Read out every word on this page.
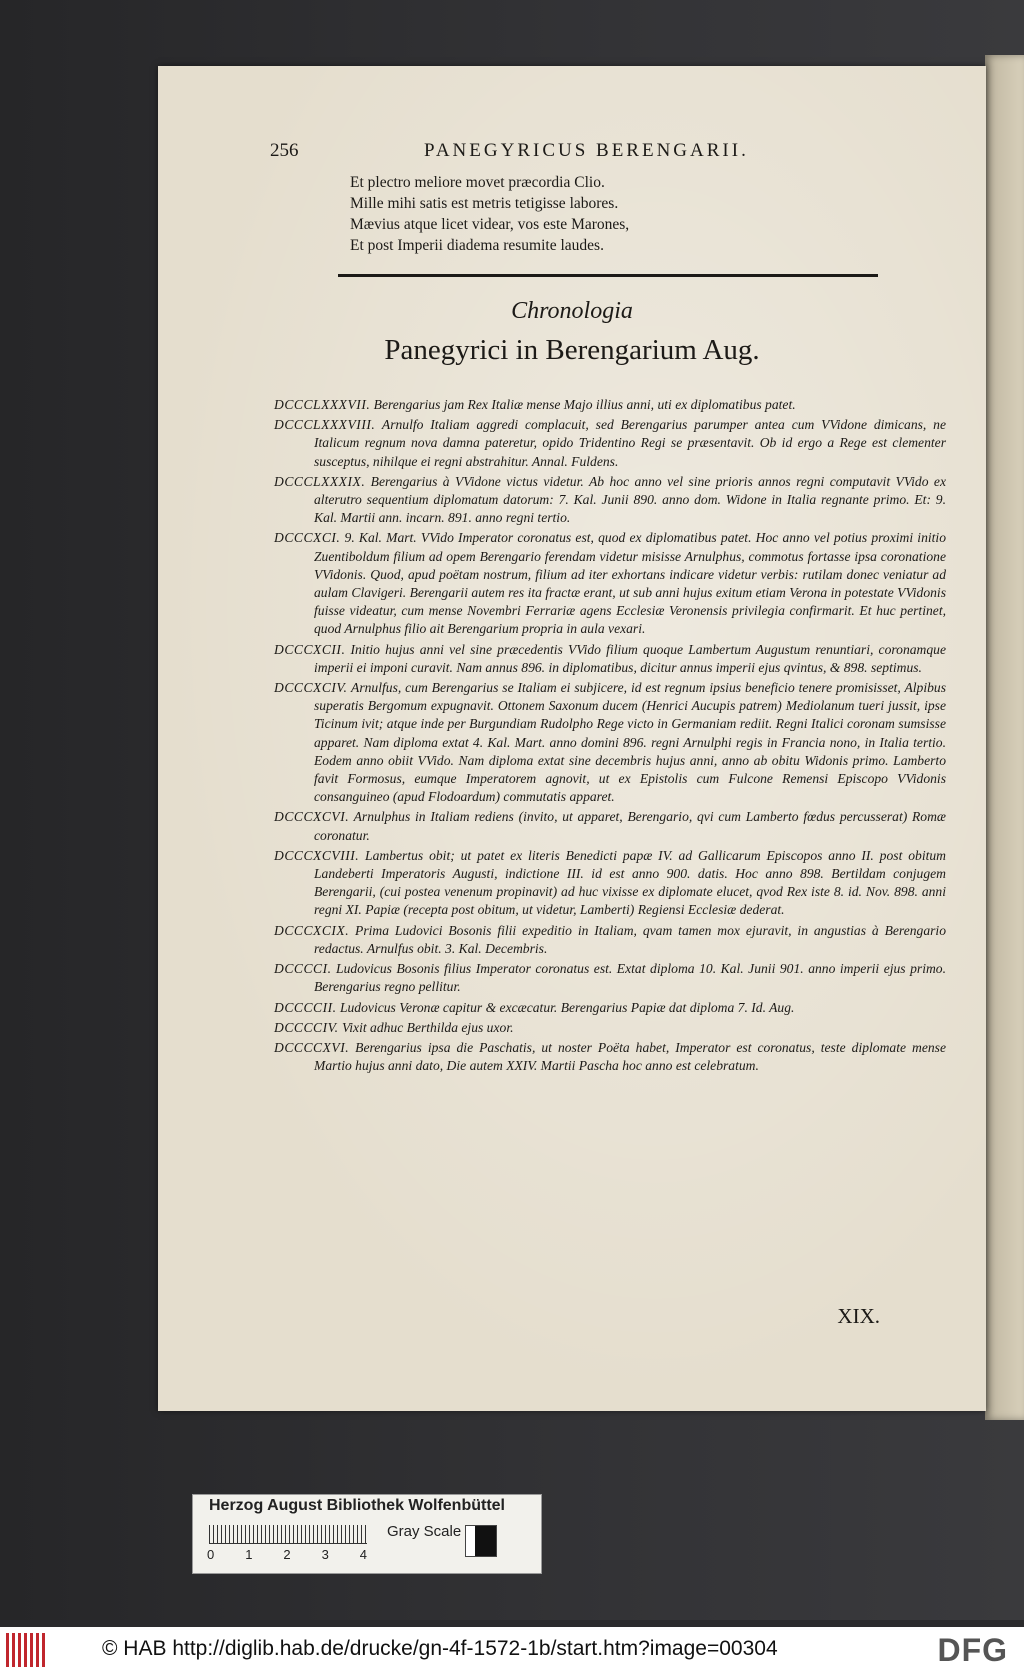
256	PANEGYRICUS BERENGARII.
Et plectro meliore movet præcordia Clio.
Mille mihi satis est metris tetigisse labores.
Mævius atque licet videar, vos este Marones,
Et post Imperii diadema resumite laudes.
Chronologia
Panegyrici in Berengarium Aug.
DCCCLXXXVII. Berengarius jam Rex Italiæ mense Majo illius anni, uti ex diplomatibus patet.
DCCCLXXXVIII. Arnulfo Italiam aggredi complacuit, sed Berengarius parumper antea cum VVidone dimicans, ne Italicum regnum nova damna pateretur, opido Tridentino Regi se præsentavit. Ob id ergo a Rege est clementer susceptus, nihilque ei regni abstrahitur. Annal. Fuldens.
DCCCLXXXIX. Berengarius à VVidone victus videtur. Ab hoc anno vel sine prioris annos regni computavit VVido ex alterutro sequentium diplomatum datorum: 7. Kal. Junii 890. anno dom. Widone in Italia regnante primo. Et: 9. Kal. Martii ann. incarn. 891. anno regni tertio.
DCCCXCI. 9. Kal. Mart. VVido Imperator coronatus est, quod ex diplomatibus patet. Hoc anno vel potius proximi initio Zuentiboldum filium ad opem Berengario ferendam videtur misisse Arnulphus, commotus fortasse ipsa coronatione VVidonis. Quod, apud poëtam nostrum, filium ad iter exhortans indicare videtur verbis: rutilam donec veniatur ad aulam Clavigeri. Berengarii autem res ita fractæ erant, ut sub anni hujus exitum etiam Verona in potestate VVidonis fuisse videatur, cum mense Novembri Ferrariæ agens Ecclesiæ Veronensis privilegia confirmarit. Et huc pertinet, quod Arnulphus filio ait Berengarium propria in aula vexari.
DCCCXCII. Initio hujus anni vel sine præcedentis VVido filium quoque Lambertum Augustum renuntiari, coronamque imperii ei imponi curavit. Nam annus 896. in diplomatibus, dicitur annus imperii ejus qvintus, & 898. septimus.
DCCCXCIV. Arnulfus, cum Berengarius se Italiam ei subjicere, id est regnum ipsius beneficio tenere promisisset, Alpibus superatis Bergomum expugnavit. Ottonem Saxonum ducem (Henrici Aucupis patrem) Mediolanum tueri jussit, ipse Ticinum ivit; atque inde per Burgundiam Rudolpho Rege victo in Germaniam rediit. Regni Italici coronam sumsisse apparet. Nam diploma extat 4. Kal. Mart. anno domini 896. regni Arnulphi regis in Francia nono, in Italia tertio. Eodem anno obiit VVido. Nam diploma extat sine decembris hujus anni, anno ab obitu Widonis primo. Lamberto favit Formosus, eumque Imperatorem agnovit, ut ex Epistolis cum Fulcone Remensi Episcopo VVidonis consanguineo (apud Flodoardum) commutatis apparet.
DCCCXCVI. Arnulphus in Italiam rediens (invito, ut apparet, Berengario, qvi cum Lamberto fœdus percusserat) Romæ coronatur.
DCCCXCVIII. Lambertus obit; ut patet ex literis Benedicti papæ IV. ad Gallicarum Episcopos anno II. post obitum Landeberti Imperatoris Augusti, indictione III. id est anno 900. datis. Hoc anno 898. Bertildam conjugem Berengarii, (cui postea venenum propinavit) ad huc vixisse ex diplomate elucet, qvod Rex iste 8. id. Nov. 898. anni regni XI. Papiæ (recepta post obitum, ut videtur, Lamberti) Regiensi Ecclesiæ dederat.
DCCCXCIX. Prima Ludovici Bosonis filii expeditio in Italiam, qvam tamen mox ejuravit, in angustias à Berengario redactus. Arnulfus obit. 3. Kal. Decembris.
DCCCCI. Ludovicus Bosonis filius Imperator coronatus est. Extat diploma 10. Kal. Junii 901. anno imperii ejus primo. Berengarius regno pellitur.
DCCCCII. Ludovicus Veronæ capitur & excæcatur. Berengarius Papiæ dat diploma 7. Id. Aug.
DCCCCIV. Vixit adhuc Berthilda ejus uxor.
DCCCCXVI. Berengarius ipsa die Paschatis, ut noster Poëta habet, Imperator est coronatus, teste diplomate mense Martio hujus anni dato, Die autem XXIV. Martii Pascha hoc anno est celebratum.
XIX.
Herzog August Bibliothek Wolfenbüttel
0 1 2 3 4
Gray Scale
© HAB http://diglib.hab.de/drucke/gn-4f-1572-1b/start.htm?image=00304	DFG
